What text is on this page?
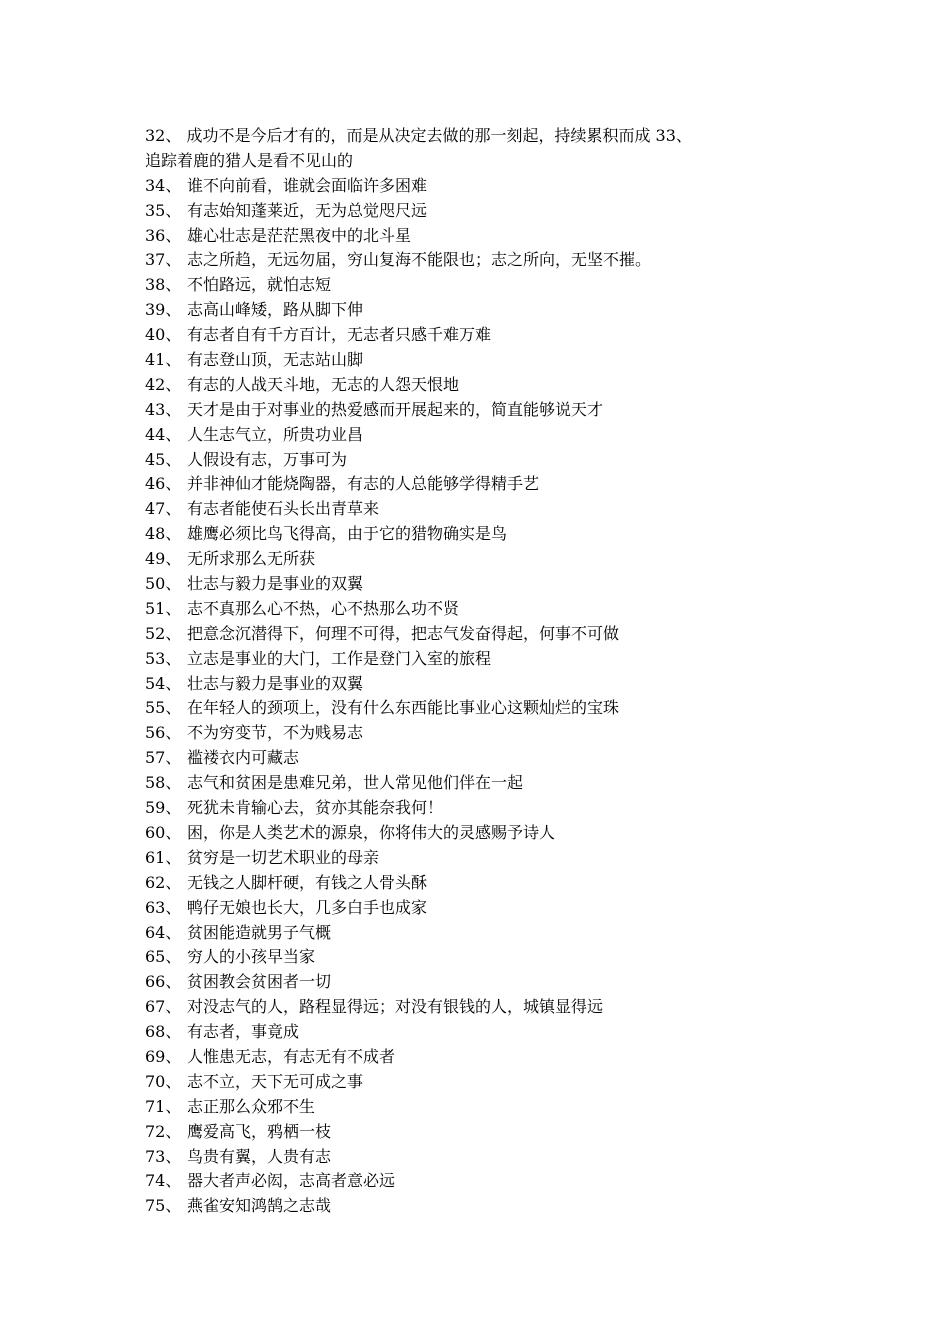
32、 成功不是今后才有的，而是从决定去做的那一刻起，持续累积而成 33、
追踪着鹿的猎人是看不见山的
34、 谁不向前看，谁就会面临许多困难
35、 有志始知蓬莱近，无为总觉咫尺远
36、 雄心壮志是茫茫黑夜中的北斗星
37、 志之所趋，无远勿届，穷山复海不能限也；志之所向，无坚不摧。
38、 不怕路远，就怕志短
39、 志高山峰矮，路从脚下伸
40、 有志者自有千方百计，无志者只感千难万难
41、 有志登山顶，无志站山脚
42、 有志的人战天斗地，无志的人怨天恨地
43、 天才是由于对事业的热爱感而开展起来的，简直能够说天才
44、 人生志气立，所贵功业昌
45、 人假设有志，万事可为
46、 并非神仙才能烧陶器，有志的人总能够学得精手艺
47、 有志者能使石头长出青草来
48、 雄鹰必须比鸟飞得高，由于它的猎物确实是鸟
49、 无所求那么无所获
50、 壮志与毅力是事业的双翼
51、 志不真那么心不热，心不热那么功不贤
52、 把意念沉潜得下，何理不可得，把志气发奋得起，何事不可做
53、 立志是事业的大门，工作是登门入室的旅程
54、 壮志与毅力是事业的双翼
55、 在年轻人的颈项上，没有什么东西能比事业心这颗灿烂的宝珠
56、 不为穷变节，不为贱易志
57、 褴褛衣内可藏志
58、 志气和贫困是患难兄弟，世人常见他们伴在一起
59、 死犹未肯输心去，贫亦其能奈我何！
60、 困，你是人类艺术的源泉，你将伟大的灵感赐予诗人
61、 贫穷是一切艺术职业的母亲
62、 无钱之人脚杆硬，有钱之人骨头酥
63、 鸭仔无娘也长大，几多白手也成家
64、 贫困能造就男子气概
65、 穷人的小孩早当家
66、 贫困教会贫困者一切
67、 对没志气的人，路程显得远；对没有银钱的人，城镇显得远
68、 有志者，事竟成
69、 人惟患无志，有志无有不成者
70、 志不立，天下无可成之事
71、 志正那么众邪不生
72、 鹰爱高飞，鸦栖一枝
73、 鸟贵有翼，人贵有志
74、 器大者声必闳，志高者意必远
75、 燕雀安知鸿鹄之志哉
